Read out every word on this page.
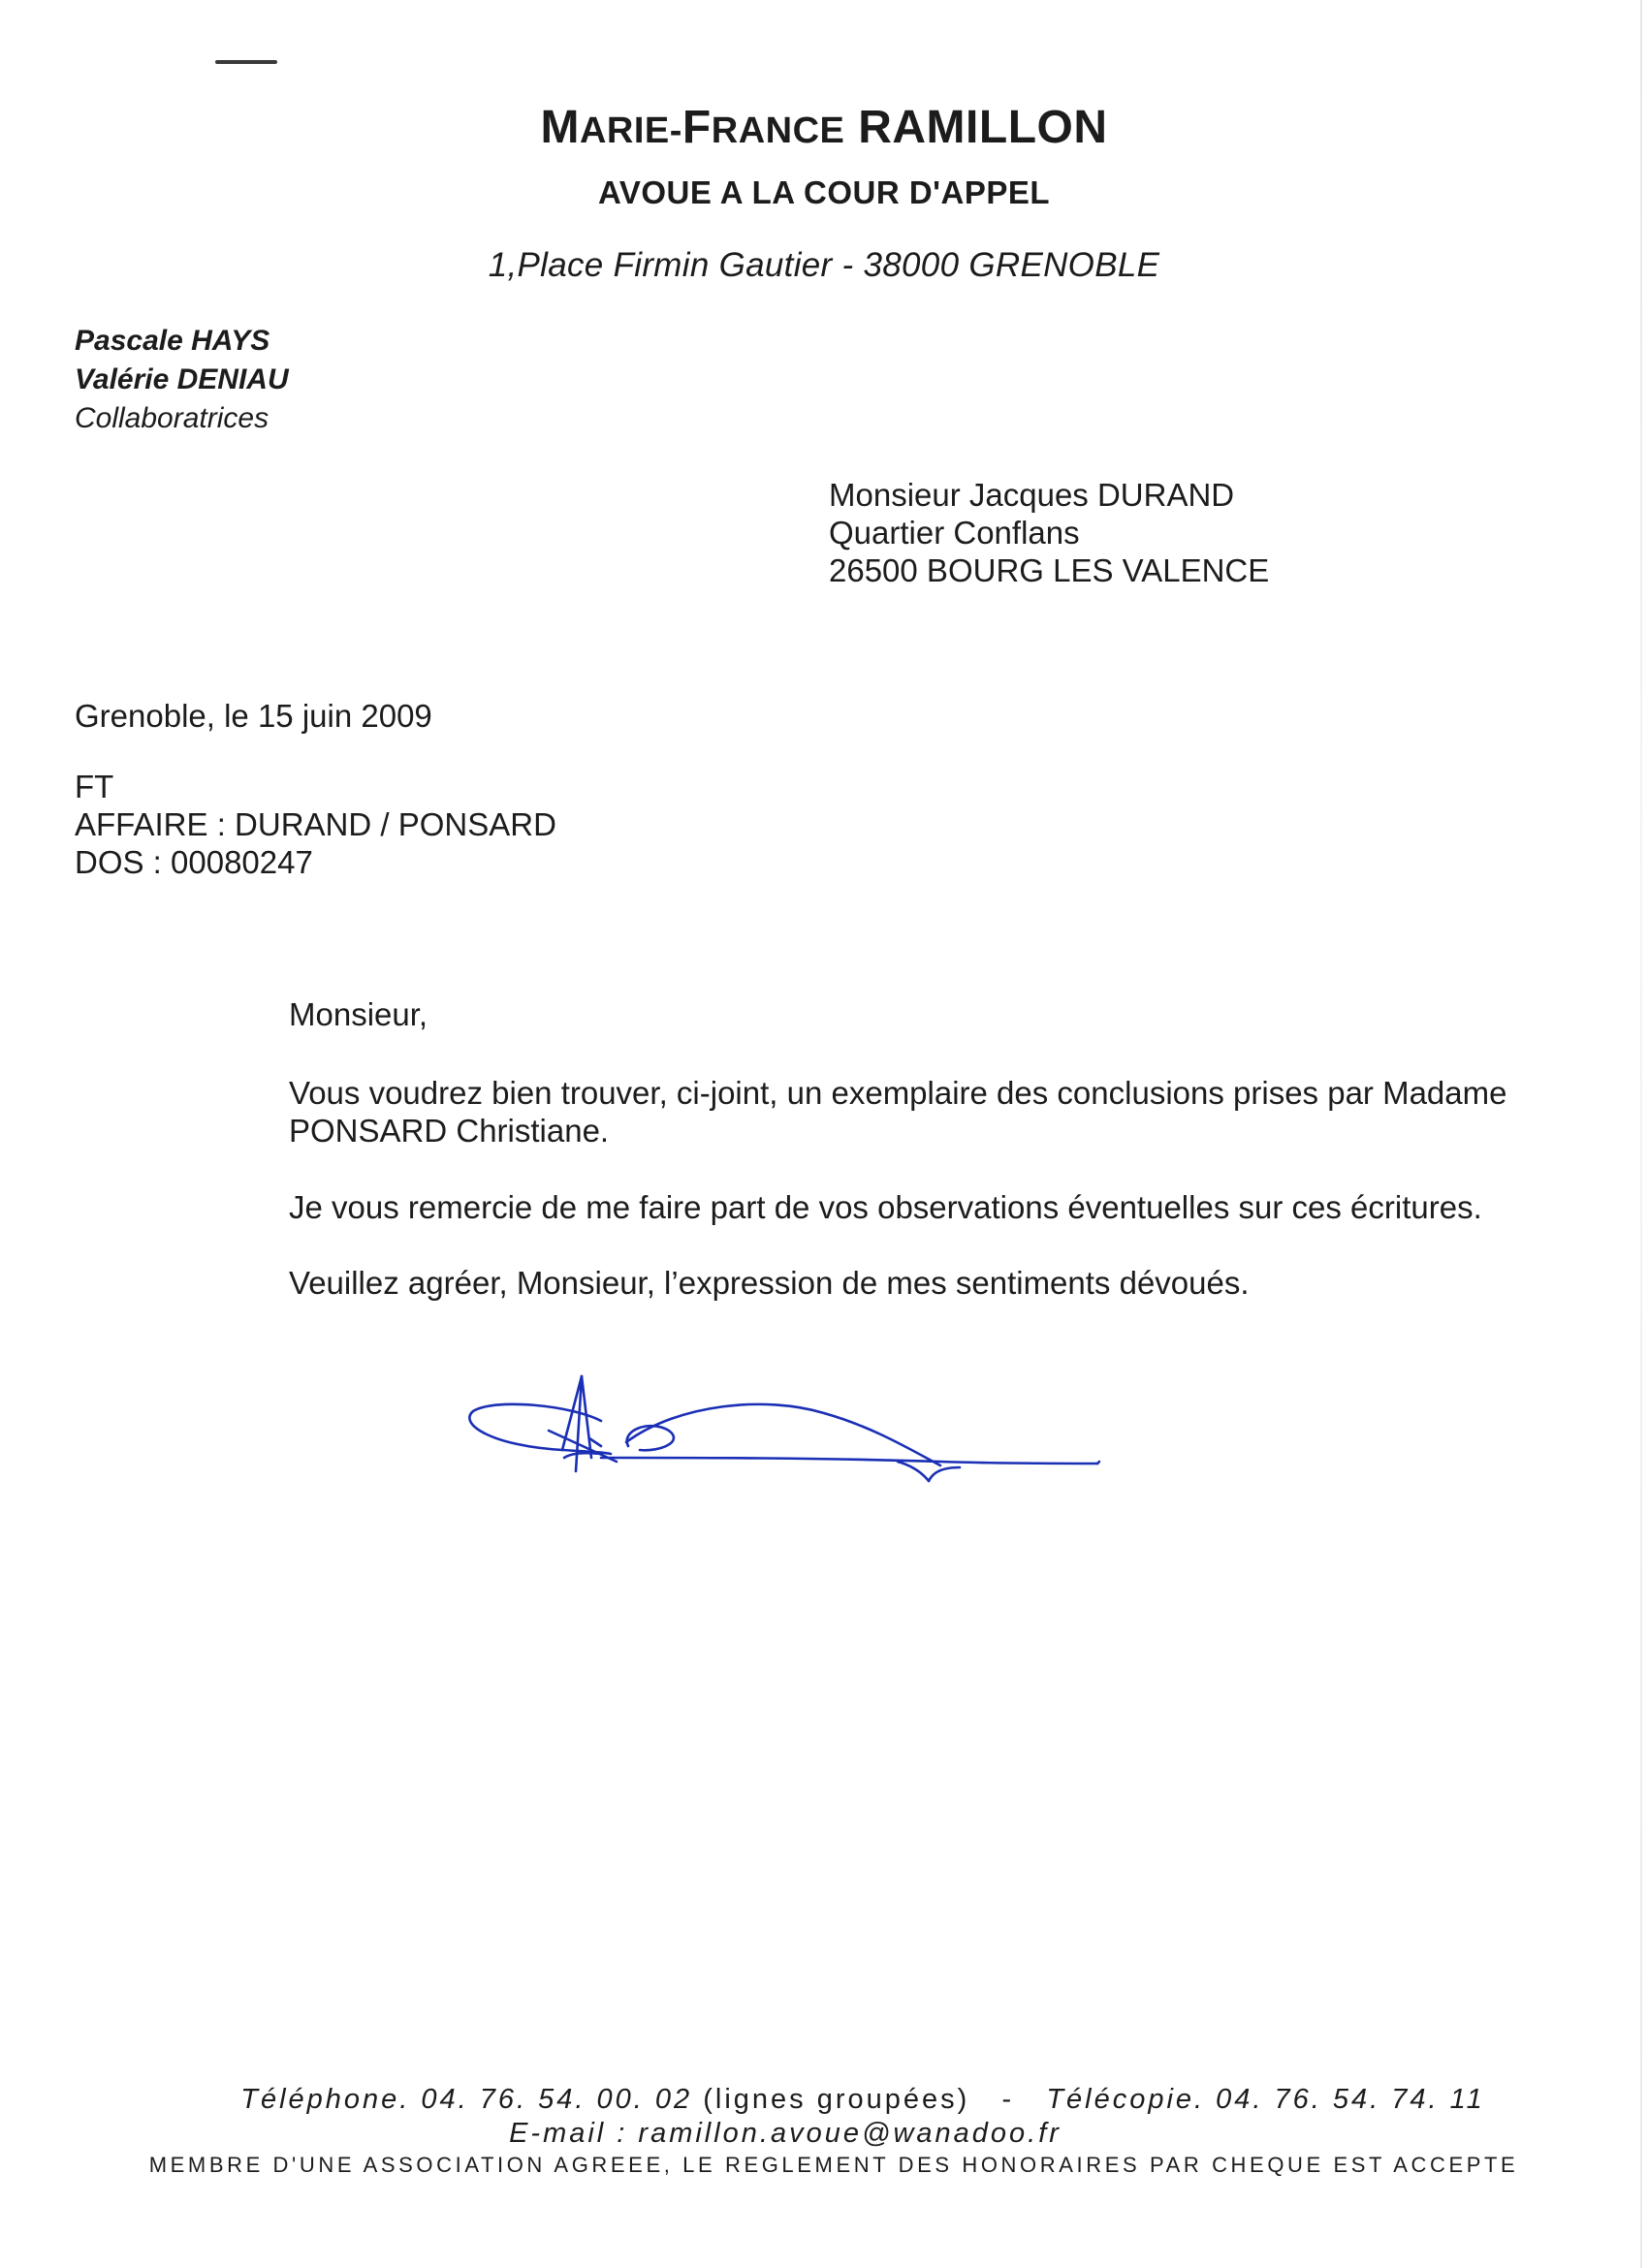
MARIE-FRANCE RAMILLON
AVOUE A LA COUR D'APPEL
1,Place Firmin Gautier - 38000 GRENOBLE
Pascale HAYS
Valérie DENIAU
Collaboratrices
Monsieur Jacques DURAND
Quartier Conflans
26500 BOURG LES VALENCE
Grenoble, le 15 juin 2009
FT
AFFAIRE : DURAND / PONSARD
DOS : 00080247
Monsieur,
Vous voudrez bien trouver, ci-joint, un exemplaire des conclusions prises par Madame PONSARD Christiane.
Je vous remercie de me faire part de vos observations éventuelles sur ces écritures.
Veuillez agréer, Monsieur, l’expression de mes sentiments dévoués.
Téléphone. 04. 76. 54. 00. 02 (lignes groupées) - Télécopie. 04. 76. 54. 74. 11
E-mail : ramillon.avoue@wanadoo.fr
MEMBRE D'UNE ASSOCIATION AGREEE, LE REGLEMENT DES HONORAIRES PAR CHEQUE EST ACCEPTE
